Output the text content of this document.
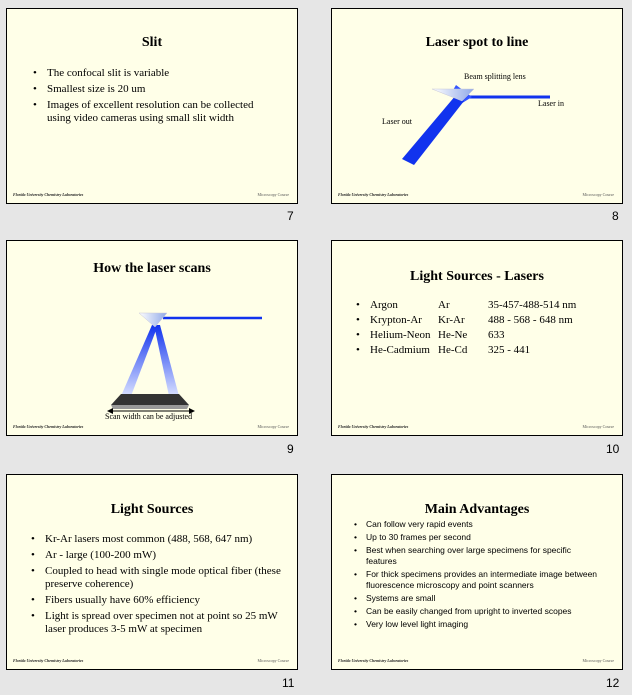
Slit
• The confocal slit is variable
• Smallest size is 20 um
• Images of excellent resolution can be collected using video cameras using small slit width
Florida University Chemistry Laboratories	Microscopy Course
7
Laser spot to line
Beam splitting lens
Laser in
Laser out
Florida University Chemistry Laboratories	Microscopy Course
8
How the laser scans
Scan width can be adjusted
Florida University Chemistry Laboratories	Microscopy Course
9
Light Sources - Lasers
•	Argon	Ar	35-457-488-514 nm
•	Krypton-Ar	Kr-Ar	488 - 568 - 648 nm
•	Helium-Neon	He-Ne	633
•	He-Cadmium	He-Cd	325 - 441
Florida University Chemistry Laboratories	Microscopy Course
10
Light Sources
• Kr-Ar lasers most common (488, 568, 647 nm)
• Ar - large (100-200 mW)
• Coupled to head with single mode optical fiber (these preserve coherence)
• Fibers usually have 60% efficiency
• Light is spread over specimen not at point so 25 mW laser produces 3-5 mW at specimen
Florida University Chemistry Laboratories	Microscopy Course
11
Main Advantages
• Can follow very rapid events
• Up to 30 frames per second
• Best when searching over large specimens for specific features
• For thick specimens provides an intermediate image between fluorescence microscopy and point scanners
• Systems are small
• Can be easily changed from upright to inverted scopes
• Very low level light imaging
Florida University Chemistry Laboratories	Microscopy Course
12
